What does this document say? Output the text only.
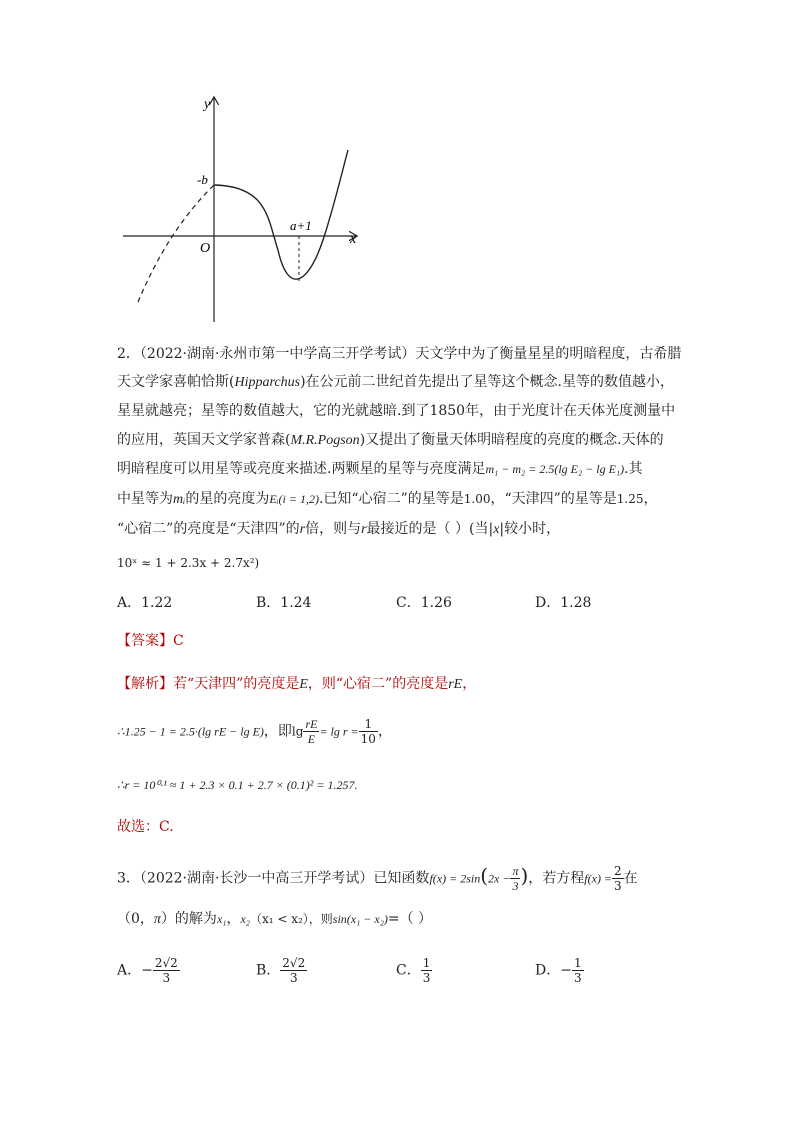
y
x
O
-b
a+1
2．（2022·湖南·永州市第一中学高三开学考试）天文学中为了衡量星星的明暗程度，古希腊
天文学家喜帕恰斯(Hipparchus)在公元前二世纪首先提出了星等这个概念.星等的数值越小，
星星就越亮；星等的数值越大，它的光就越暗.到了1850年，由于光度计在天体光度测量中
的应用，英国天文学家普森(M.R.Pogson)又提出了衡量天体明暗程度的亮度的概念.天体的
明暗程度可以用星等或亮度来描述.两颗星的星等与亮度满足m₁ − m₂ = 2.5(lg E₂ − lg E₁).其
中星等为mᵢ的星的亮度为Eᵢ(i = 1,2).已知“心宿二”的星等是1.00，“天津四”的星等是1.25，
“心宿二”的亮度是“天津四”的r倍，则与r最接近的是（ ）(当|x|较小时，
10ˣ ≈ 1 + 2.3x + 2.7x²)
A．1.22	B．1.24	C．1.26	D．1.28
【答案】C
【解析】若“天津四”的亮度是E，则“心宿二”的亮度是rE，
∴1.25 − 1 = 2.5·(lg rE − lg E)，即$\lg \frac{rE}{E} = \lg r = \frac{1}{10}$ ，
∴r = 10⁰·¹ ≈ 1 + 2.3 × 0.1 + 2.7 × (0.1)² = 1.257.
故选：C.
3．（2022·湖南·长沙一中高三开学考试）已知函数$f(x) = 2\sin(2x - \frac{\pi}{3}$ )，若方程$f(x) = \frac{2}{3}$ 在
（0，π）的解为x₁，x₂（x₁ < x₂），则sin(x₁ − x₂)=（ ）
A．− $\frac{2√2}{3}$	B． $\frac{2√2}{3}$	C． $\frac{1}{3}$	D．− $\frac{1}{3}$
